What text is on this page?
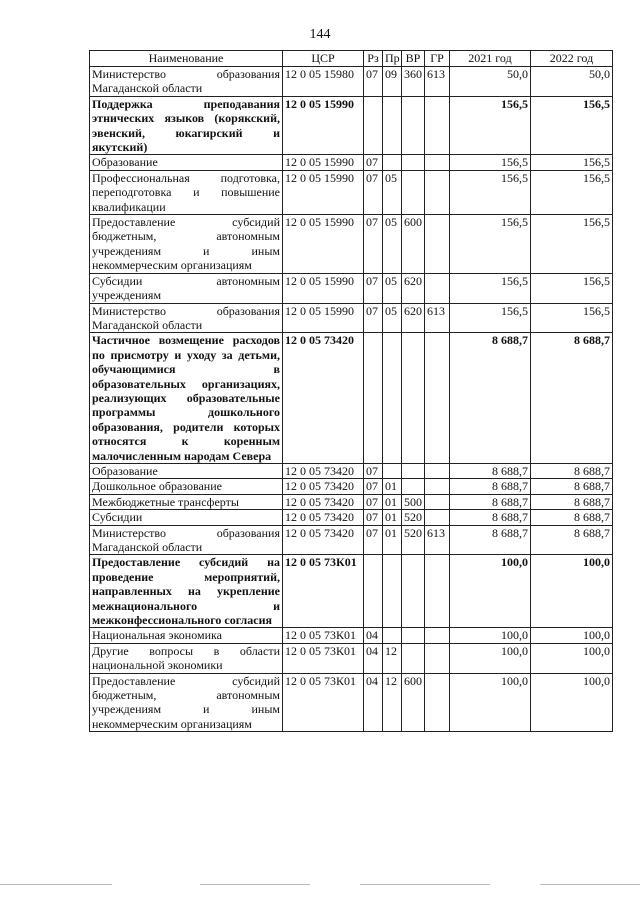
144
Наименование	ЦСР	Рз	Пр	ВР	ГР	2021 год	2022 год
Министерство образования Магаданской области	12 0 05 15980	07	09	360	613	50,0	50,0
Поддержка преподавания этнических языков (корякский, эвенский, юкагирский и якутский)	12 0 05 15990					156,5	156,5
Образование	12 0 05 15990	07				156,5	156,5
Профессиональная подготовка, переподготовка и повышение квалификации	12 0 05 15990	07	05			156,5	156,5
Предоставление субсидий бюджетным, автономным учреждениям и иным некоммерческим организациям	12 0 05 15990	07	05	600		156,5	156,5
Субсидии автономным учреждениям	12 0 05 15990	07	05	620		156,5	156,5
Министерство образования Магаданской области	12 0 05 15990	07	05	620	613	156,5	156,5
Частичное возмещение расходов по присмотру и уходу за детьми, обучающимися в образовательных организациях, реализующих образовательные программы дошкольного образования, родители которых относятся к коренным малочисленным народам Севера	12 0 05 73420					8 688,7	8 688,7
Образование	12 0 05 73420	07				8 688,7	8 688,7
Дошкольное образование	12 0 05 73420	07	01			8 688,7	8 688,7
Межбюджетные трансферты	12 0 05 73420	07	01	500		8 688,7	8 688,7
Субсидии	12 0 05 73420	07	01	520		8 688,7	8 688,7
Министерство образования Магаданской области	12 0 05 73420	07	01	520	613	8 688,7	8 688,7
Предоставление субсидий на проведение мероприятий, направленных на укрепление межнационального и межконфессионального согласия	12 0 05 73К01					100,0	100,0
Национальная экономика	12 0 05 73К01	04				100,0	100,0
Другие вопросы в области национальной экономики	12 0 05 73К01	04	12			100,0	100,0
Предоставление субсидий бюджетным, автономным учреждениям и иным некоммерческим организациям	12 0 05 73К01	04	12	600		100,0	100,0
